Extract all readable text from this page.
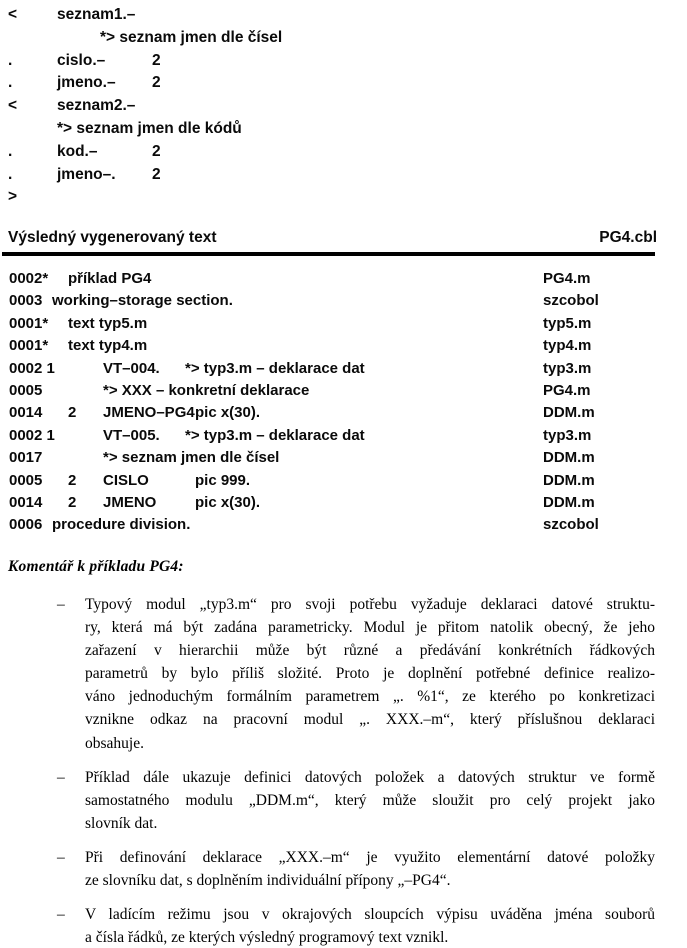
<	seznam1.–
*> seznam jmen dle čísel
.	cislo.–	2
.	jmeno.– 2
<	seznam2.–
*> seznam jmen dle kódů
.	kod.–	2
.	jmeno–. 2
>
Výsledný vygenerovaný text	PG4.cbl
0002* příklad PG4	PG4.m
0003 working–storage section.	szcobol
0001* text typ5.m	typ5.m
0001* text typ4.m	typ4.m
0002 1	VT–004. *> typ3.m – deklarace dat	typ3.m
0005	*> XXX – konkretní deklarace	PG4.m
0014 2 JMENO–PG4 pic x(30).	DDM.m
0002 1	VT–005. *> typ3.m – deklarace dat	typ3.m
0017	*> seznam jmen dle čísel	DDM.m
0005 2 CISLO	pic 999.	DDM.m
0014 2 JMENO	pic x(30).	DDM.m
0006 procedure division.	szcobol
Komentář k příkladu PG4:
– Typový modul „typ3.m“ pro svoji potřebu vyžaduje deklaraci datové struktu-
ry, která má být zadána parametricky. Modul je přitom natolik obecný, že jeho
zařazení v hierarchii může být různé a předávání konkrétních řádkových
parametrů by bylo příliš složité. Proto je doplnění potřebné definice realizo-
váno jednoduchým formálním parametrem „. %1“, ze kterého po konkretizaci
vznikne odkaz na pracovní modul „. XXX.–m“, který příslušnou deklaraci
obsahuje.
– Příklad dále ukazuje definici datových položek a datových struktur ve formě
samostatného modulu „DDM.m“, který může sloužit pro celý projekt jako
slovník dat.
– Při definování deklarace „XXX.–m“ je využito elementární datové položky
ze slovníku dat, s doplněním individuální přípony „–PG4“.
– V ladícím režimu jsou v okrajových sloupcích výpisu uváděna jména souborů
a čísla řádků, ze kterých výsledný programový text vznikl.
